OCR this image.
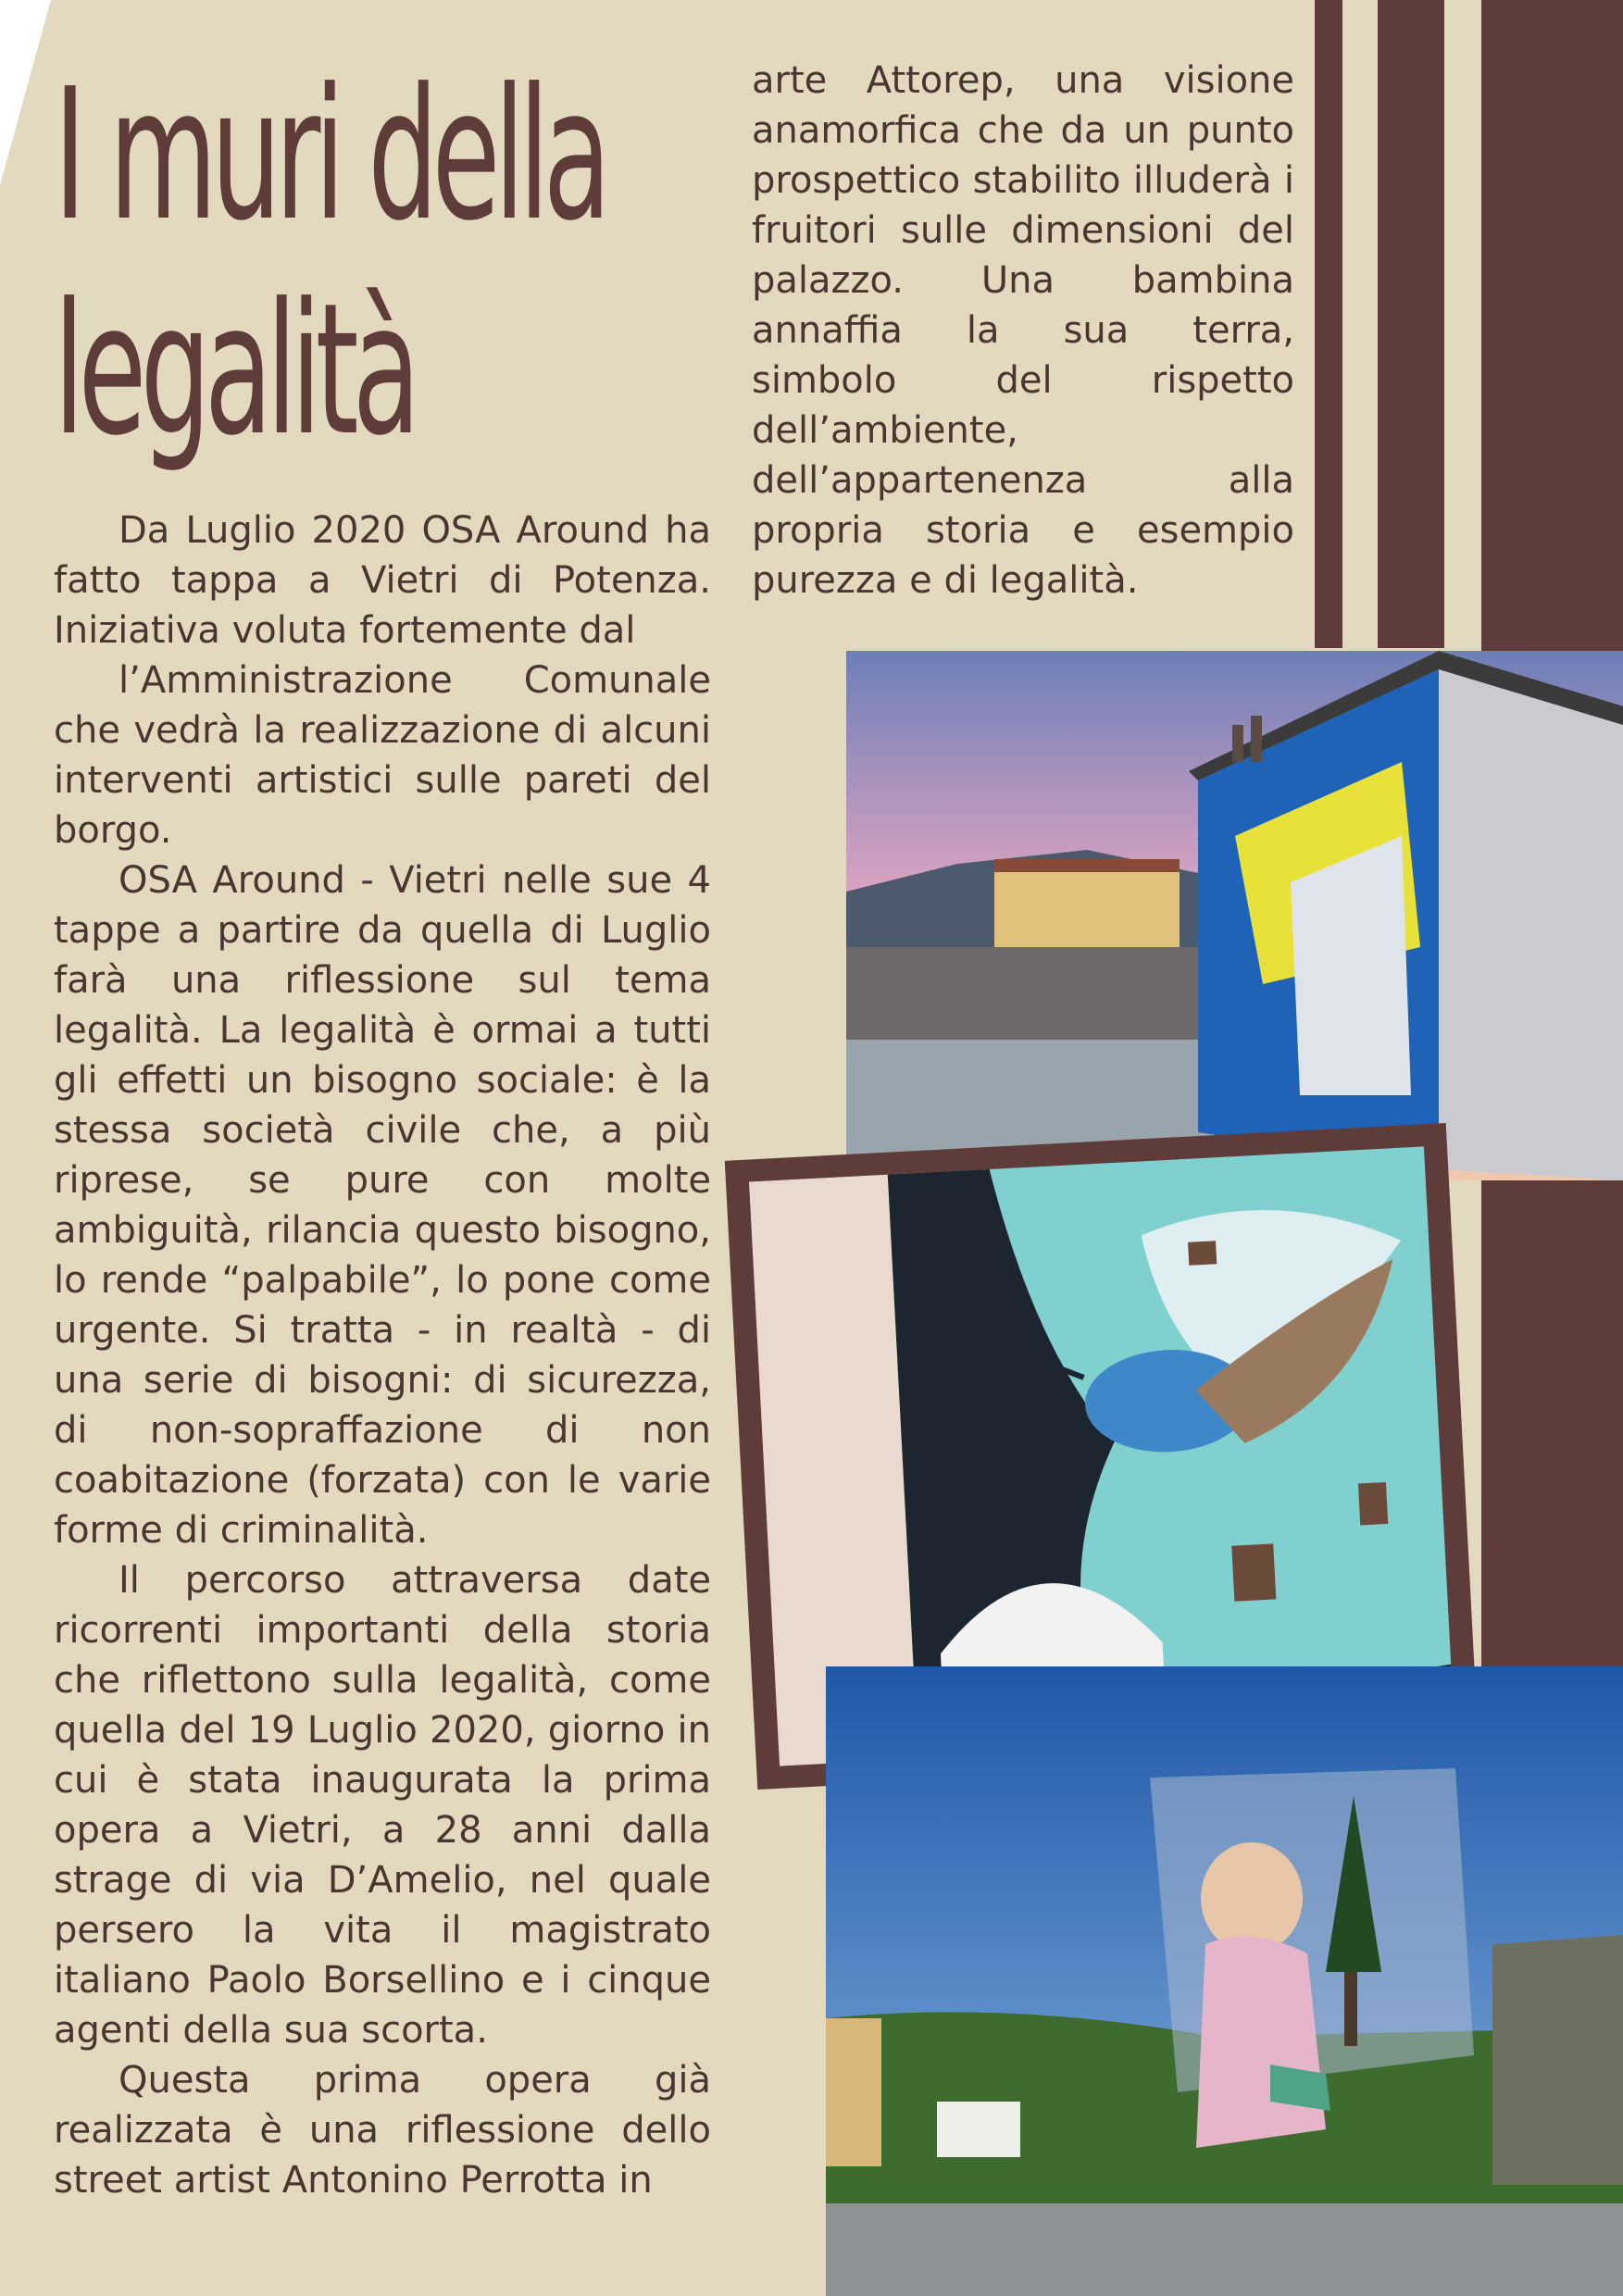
I muri della
legalità

Da Luglio 2020 OSA Around ha fatto tappa a Vietri di Potenza. Iniziativa voluta fortemente dal

l’Amministrazione Comunale che vedrà la realizzazione di alcuni interventi artistici sulle pareti del borgo.

OSA Around - Vietri nelle sue 4 tappe a partire da quella di Luglio farà una riflessione sul tema legalità. La legalità è ormai a tutti gli effetti un bisogno sociale: è la stessa società civile che, a più riprese, se pure con molte ambiguità, rilancia questo bisogno, lo rende “palpabile”, lo pone come urgente. Si tratta - in realtà - di una serie di bisogni: di sicurezza, di non-sopraffazione di non coabitazione (forzata) con le varie forme di criminalità.

Il percorso attraversa date ricorrenti importanti della storia che riflettono sulla legalità, come quella del 19 Luglio 2020, giorno in cui è stata inaugurata la prima opera a Vietri, a 28 anni dalla strage di via D’Amelio, nel quale persero la vita il magistrato italiano Paolo Borsellino e i cinque agenti della sua scorta.

Questa prima opera già realizzata è una riflessione dello street artist Antonino Perrotta in

arte Attorep, una visione anamorfica che da un punto prospettico stabilito illuderà i fruitori sulle dimensioni del palazzo. Una bambina annaffia la sua terra, simbolo del rispetto dell’ambiente, dell’appartenenza alla propria storia e esempio purezza e di legalità.
